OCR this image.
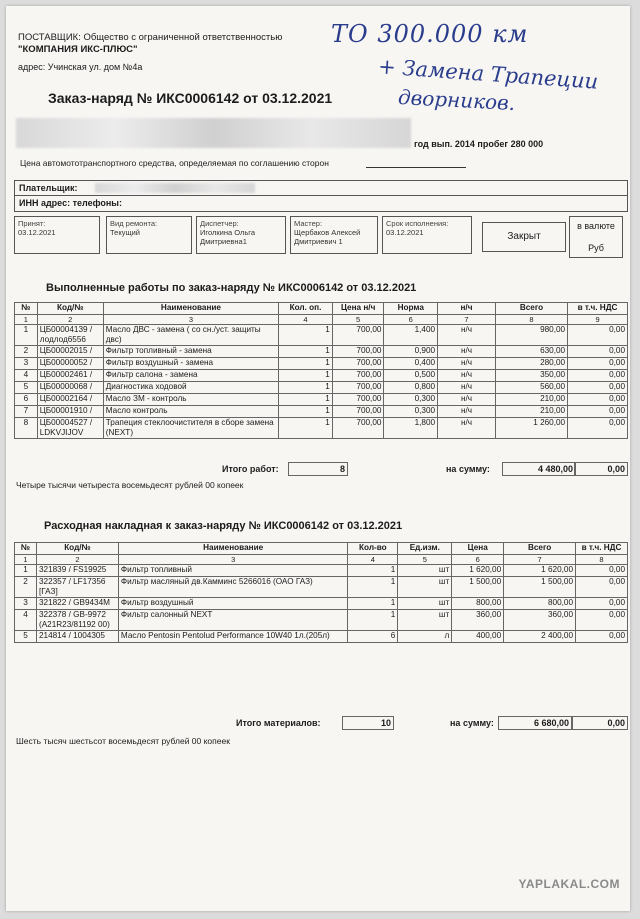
ПОСТАВЩИК: Общество с ограниченной ответственностью
"КОМПАНИЯ ИКС-ПЛЮС"
адрес: Учинская ул. дом №4а
Заказ-наряд № ИКС0006142 от 03.12.2021
ТО 300.000 км
+ Замена Трапеции
дворников.
год вып. 2014 пробег 280 000
Цена автомототранспортного средства, определяемая по соглашению сторон
Плательщик:
ИНН адрес: телефоны:
Принят:
03.12.2021
Вид ремонта:
Текущий
Диспетчер:
Иголкина Ольга Дмитриевна1
Мастер:
Щербаков Алексей Дмитриевич 1
Срок исполнения:
03.12.2021	Закрыт
в валюте
Руб
Выполненные работы по заказ-наряду № ИКС0006142 от 03.12.2021
№	Код/№	Наименование	Кол. оп.	Цена н/ч	Норма	н/ч	Всего	в т.ч. НДС
1	2	3	4	5	6	7	8	9
1	ЦБ00004139 / лодлод6556	Масло ДВС - замена ( со сн./уст. защиты двс)	1	700,00	1,400	н/ч	980,00	0,00
2	ЦБ00002015 /	Фильтр топливный - замена	1	700,00	0,900	н/ч	630,00	0,00
3	ЦБ00000052 /	Фильтр воздушный - замена	1	700,00	0,400	н/ч	280,00	0,00
4	ЦБ00002461 /	Фильтр салона - замена	1	700,00	0,500	н/ч	350,00	0,00
5	ЦБ00000068 /	Диагностика ходовой	1	700,00	0,800	н/ч	560,00	0,00
6	ЦБ00002164 /	Масло ЗМ - контроль	1	700,00	0,300	н/ч	210,00	0,00
7	ЦБ00001910 /	Масло контроль	1	700,00	0,300	н/ч	210,00	0,00
8	ЦБ00004527 / LDKVJIJOV	Трапеция стеклоочистителя в сборе замена (NEXT)	1	700,00	1,800	н/ч	1 260,00	0,00
Итого работ:	8	на сумму:	4 480,00	0,00
Четыре тысячи четыреста восемьдесят рублей 00 копеек
Расходная накладная к заказ-наряду № ИКС0006142 от 03.12.2021
№	Код/№	Наименование	Кол-во	Ед.изм.	Цена	Всего	в т.ч. НДС
1	2	3	4	5	6	7	8
1	321839 / FS19925	Фильтр топливный	1	шт	1 620,00	1 620,00	0,00
2	322357 / LF17356 [ГАЗ]	Фильтр масляный дв.Камминс 5266016 (ОАО ГАЗ)	1	шт	1 500,00	1 500,00	0,00
3	321822 / GB9434M	Фильтр воздушный	1	шт	800,00	800,00	0,00
4	322378 / GB-9972 (A21R23/81192 00)	Фильтр салонный NEXT	1	шт	360,00	360,00	0,00
5	214814 / 1004305	Масло Pentosin Pentolud Performance 10W40 1л.(205л)	6	л	400,00	2 400,00	0,00
Итого материалов:	10	на сумму:	6 680,00	0,00
Шесть тысяч шестьсот восемьдесят рублей 00 копеек
YAPLAKAL.COM
